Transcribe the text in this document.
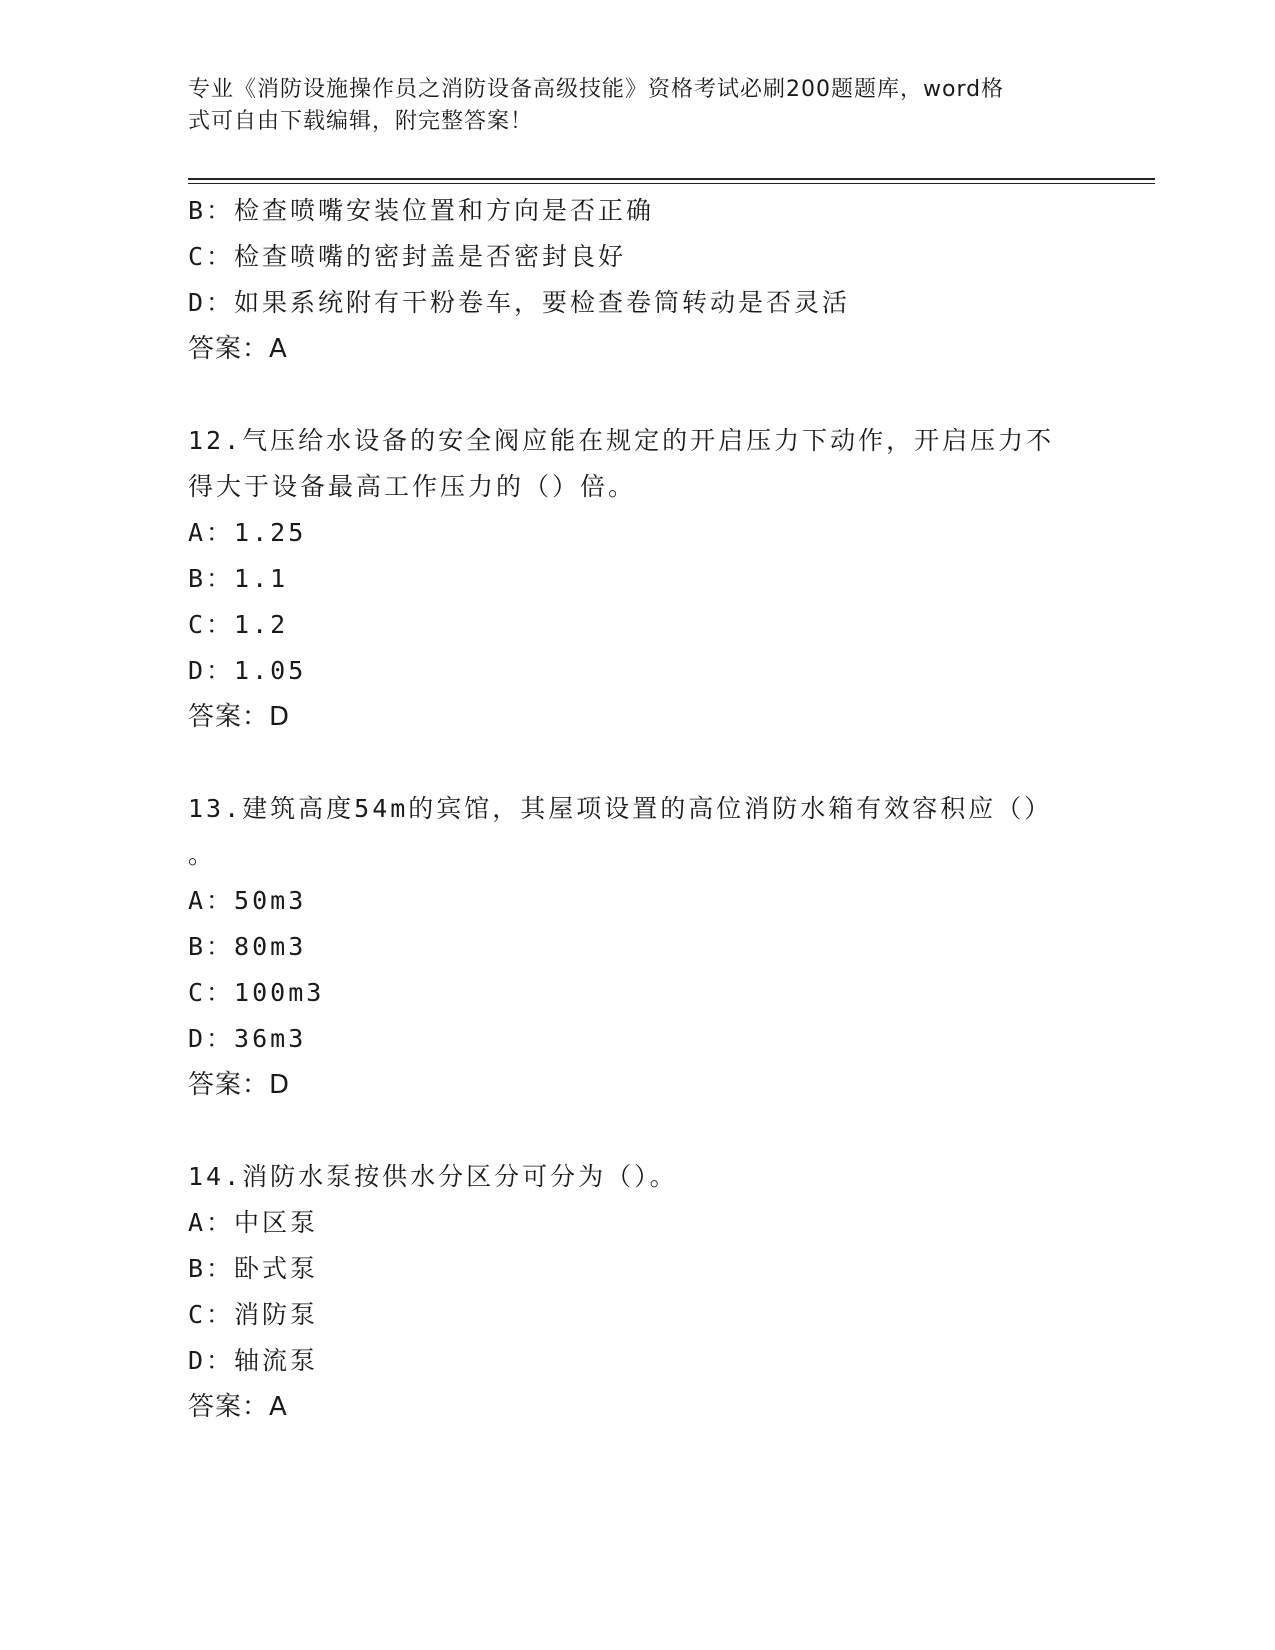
专业《消防设施操作员之消防设备高级技能》资格考试必刷200题题库，word格
式可自由下载编辑，附完整答案！
B：检查喷嘴安装位置和方向是否正确
C：检查喷嘴的密封盖是否密封良好
D：如果系统附有干粉卷车，要检查卷筒转动是否灵活
答案：A
12.气压给水设备的安全阀应能在规定的开启压力下动作，开启压力不
得大于设备最高工作压力的（）倍。
A：1.25
B：1.1
C：1.2
D：1.05
答案：D
13.建筑高度54m的宾馆，其屋项设置的高位消防水箱有效容积应（）
。
A：50m3
B：80m3
C：100m3
D：36m3
答案：D
14.消防水泵按供水分区分可分为（）。
A：中区泵
B：卧式泵
C：消防泵
D：轴流泵
答案：A
